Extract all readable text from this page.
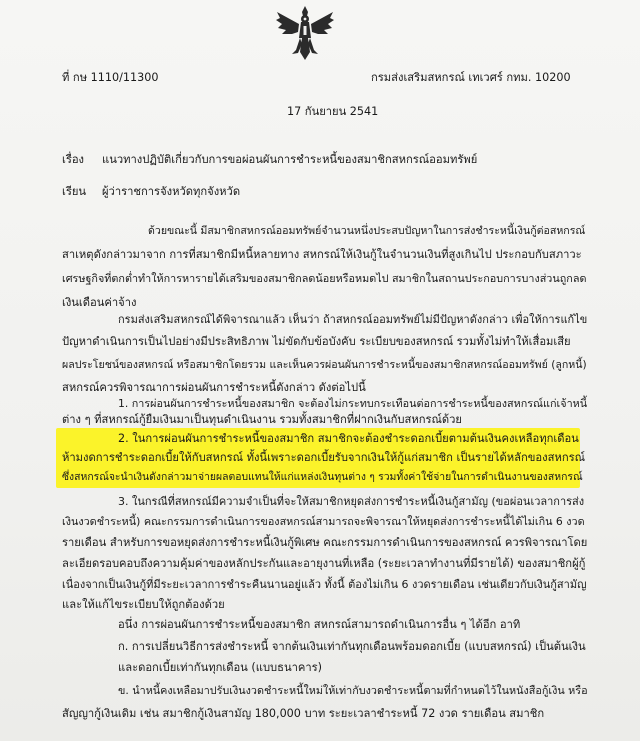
ที่ กษ 1110/11300	กรมส่งเสริมสหกรณ์ เทเวศร์ กทม. 10200
17 กันยายน 2541
เรื่อง แนวทางปฏิบัติเกี่ยวกับการขอผ่อนผันการชำระหนี้ของสมาชิกสหกรณ์ออมทรัพย์
เรียน ผู้ว่าราชการจังหวัดทุกจังหวัด
ด้วยขณะนี้ มีสมาชิกสหกรณ์ออมทรัพย์จำนวนหนึ่งประสบปัญหาในการส่งชำระหนี้เงินกู้ต่อสหกรณ์
สาเหตุดังกล่าวมาจาก การที่สมาชิกมีหนี้หลายทาง สหกรณ์ให้เงินกู้ในจำนวนเงินที่สูงเกินไป ประกอบกับสภาวะ
เศรษฐกิจที่ตกต่ำทำให้การหารายได้เสริมของสมาชิกลดน้อยหรือหมดไป สมาชิกในสถานประกอบการบางส่วนถูกลด
เงินเดือนค่าจ้าง
กรมส่งเสริมสหกรณ์ได้พิจารณาแล้ว เห็นว่า ถ้าสหกรณ์ออมทรัพย์ไม่มีปัญหาดังกล่าว เพื่อให้การแก้ไข
ปัญหาดำเนินการเป็นไปอย่างมีประสิทธิภาพ ไม่ขัดกับข้อบังคับ ระเบียบของสหกรณ์ รวมทั้งไม่ทำให้เสื่อมเสีย
ผลประโยชน์ของสหกรณ์ หรือสมาชิกโดยรวม และเห็นควรผ่อนผันการชำระหนี้ของสมาชิกสหกรณ์ออมทรัพย์ (ลูกหนี้)
สหกรณ์ควรพิจารณาการผ่อนผันการชำระหนี้ดังกล่าว ดังต่อไปนี้
1. การผ่อนผันการชำระหนี้ของสมาชิก จะต้องไม่กระทบกระเทือนต่อการชำระหนี้ของสหกรณ์แก่เจ้าหนี้
ต่าง ๆ ที่สหกรณ์กู้ยืมเงินมาเป็นทุนดำเนินงาน รวมทั้งสมาชิกที่ฝากเงินกับสหกรณ์ด้วย
2. ในการผ่อนผันการชำระหนี้ของสมาชิก สมาชิกจะต้องชำระดอกเบี้ยตามต้นเงินคงเหลือทุกเดือน
ห้ามงดการชำระดอกเบี้ยให้กับสหกรณ์ ทั้งนี้เพราะดอกเบี้ยรับจากเงินให้กู้แก่สมาชิก เป็นรายได้หลักของสหกรณ์
ซึ่งสหกรณ์จะนำเงินดังกล่าวมาจ่ายผลตอบแทนให้แก่แหล่งเงินทุนต่าง ๆ รวมทั้งค่าใช้จ่ายในการดำเนินงานของสหกรณ์
3. ในกรณีที่สหกรณ์มีความจำเป็นที่จะให้สมาชิกหยุดส่งการชำระหนี้เงินกู้สามัญ (ขอผ่อนเวลาการส่ง
เงินงวดชำระหนี้) คณะกรรมการดำเนินการของสหกรณ์สามารถจะพิจารณาให้หยุดส่งการชำระหนี้ได้ไม่เกิน 6 งวด
รายเดือน สำหรับการขอหยุดส่งการชำระหนี้เงินกู้พิเศษ คณะกรรมการดำเนินการของสหกรณ์ ควรพิจารณาโดย
ละเอียดรอบคอบถึงความคุ้มค่าของหลักประกันและอายุงานที่เหลือ (ระยะเวลาทำงานที่มีรายได้) ของสมาชิกผู้กู้
เนื่องจากเป็นเงินกู้ที่มีระยะเวลาการชำระคืนนานอยู่แล้ว ทั้งนี้ ต้องไม่เกิน 6 งวดรายเดือน เช่นเดียวกับเงินกู้สามัญ
และให้แก้ไขระเบียบให้ถูกต้องด้วย
อนึ่ง การผ่อนผันการชำระหนี้ของสมาชิก สหกรณ์สามารถดำเนินการอื่น ๆ ได้อีก อาทิ
ก. การเปลี่ยนวิธีการส่งชำระหนี้ จากต้นเงินเท่ากันทุกเดือนพร้อมดอกเบี้ย (แบบสหกรณ์) เป็นต้นเงิน
และดอกเบี้ยเท่ากันทุกเดือน (แบบธนาคาร)
ข. นำหนี้คงเหลือมาปรับเงินงวดชำระหนี้ใหม่ให้เท่ากับงวดชำระหนี้ตามที่กำหนดไว้ในหนังสือกู้เงิน หรือ
สัญญากู้เงินเดิม เช่น สมาชิกกู้เงินสามัญ 180,000 บาท ระยะเวลาชำระหนี้ 72 งวด รายเดือน สมาชิก
